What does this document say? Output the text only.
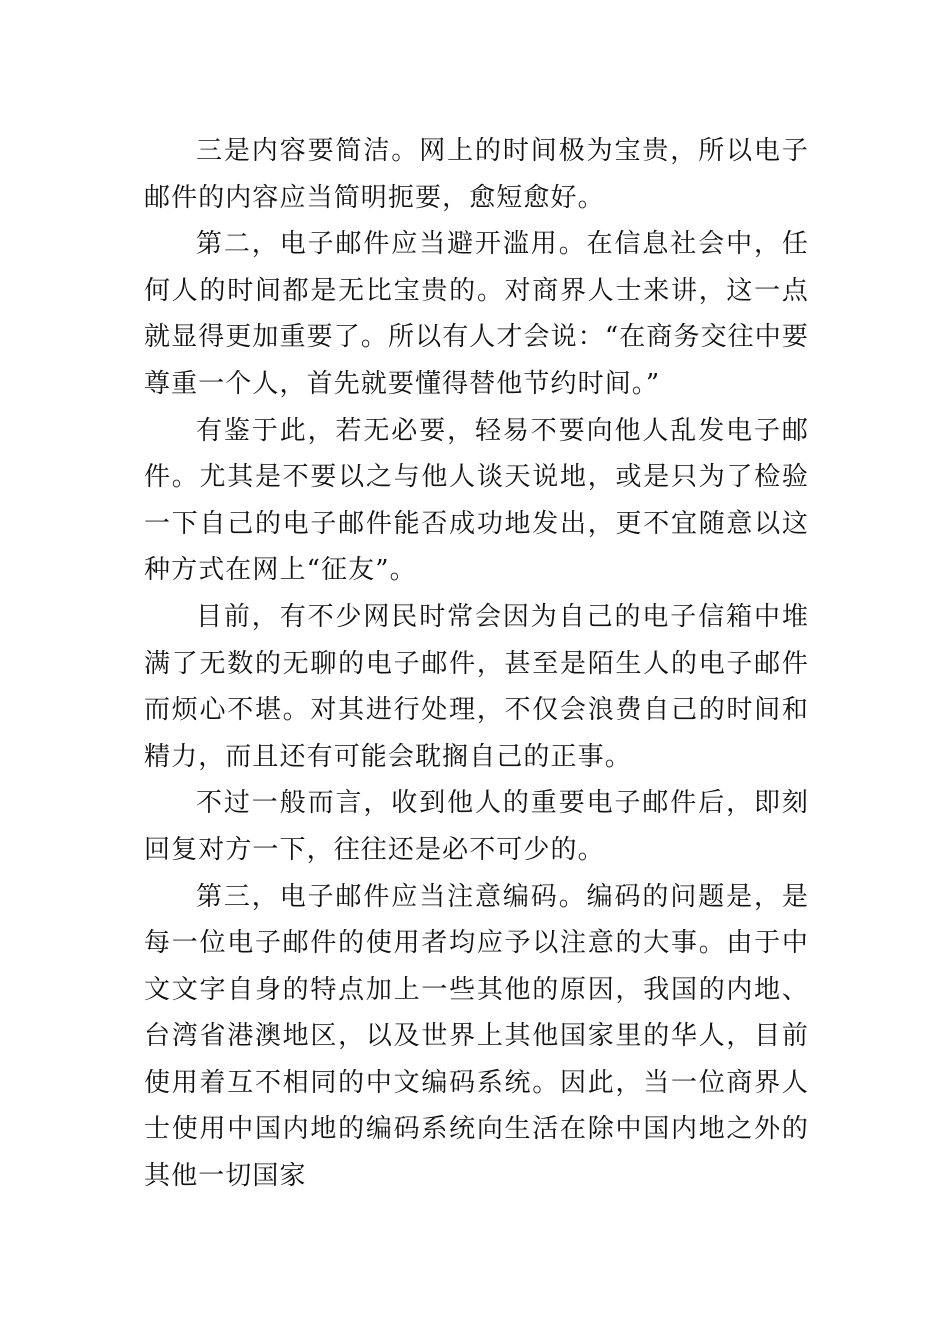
三是内容要简洁。网上的时间极为宝贵，所以电子邮件的内容应当简明扼要，愈短愈好。

第二，电子邮件应当避开滥用。在信息社会中，任何人的时间都是无比宝贵的。对商界人士来讲，这一点就显得更加重要了。所以有人才会说：“在商务交往中要尊重一个人，首先就要懂得替他节约时间。”

有鉴于此，若无必要，轻易不要向他人乱发电子邮件。尤其是不要以之与他人谈天说地，或是只为了检验一下自己的电子邮件能否成功地发出，更不宜随意以这种方式在网上“征友”。

目前，有不少网民时常会因为自己的电子信箱中堆满了无数的无聊的电子邮件，甚至是陌生人的电子邮件而烦心不堪。对其进行处理，不仅会浪费自己的时间和精力，而且还有可能会耽搁自己的正事。

不过一般而言，收到他人的重要电子邮件后，即刻回复对方一下，往往还是必不可少的。

第三，电子邮件应当注意编码。编码的问题是，是每一位电子邮件的使用者均应予以注意的大事。由于中文文字自身的特点加上一些其他的原因，我国的内地、台湾省港澳地区，以及世界上其他国家里的华人，目前使用着互不相同的中文编码系统。因此，当一位商界人士使用中国内地的编码系统向生活在除中国内地之外的其他一切国家
